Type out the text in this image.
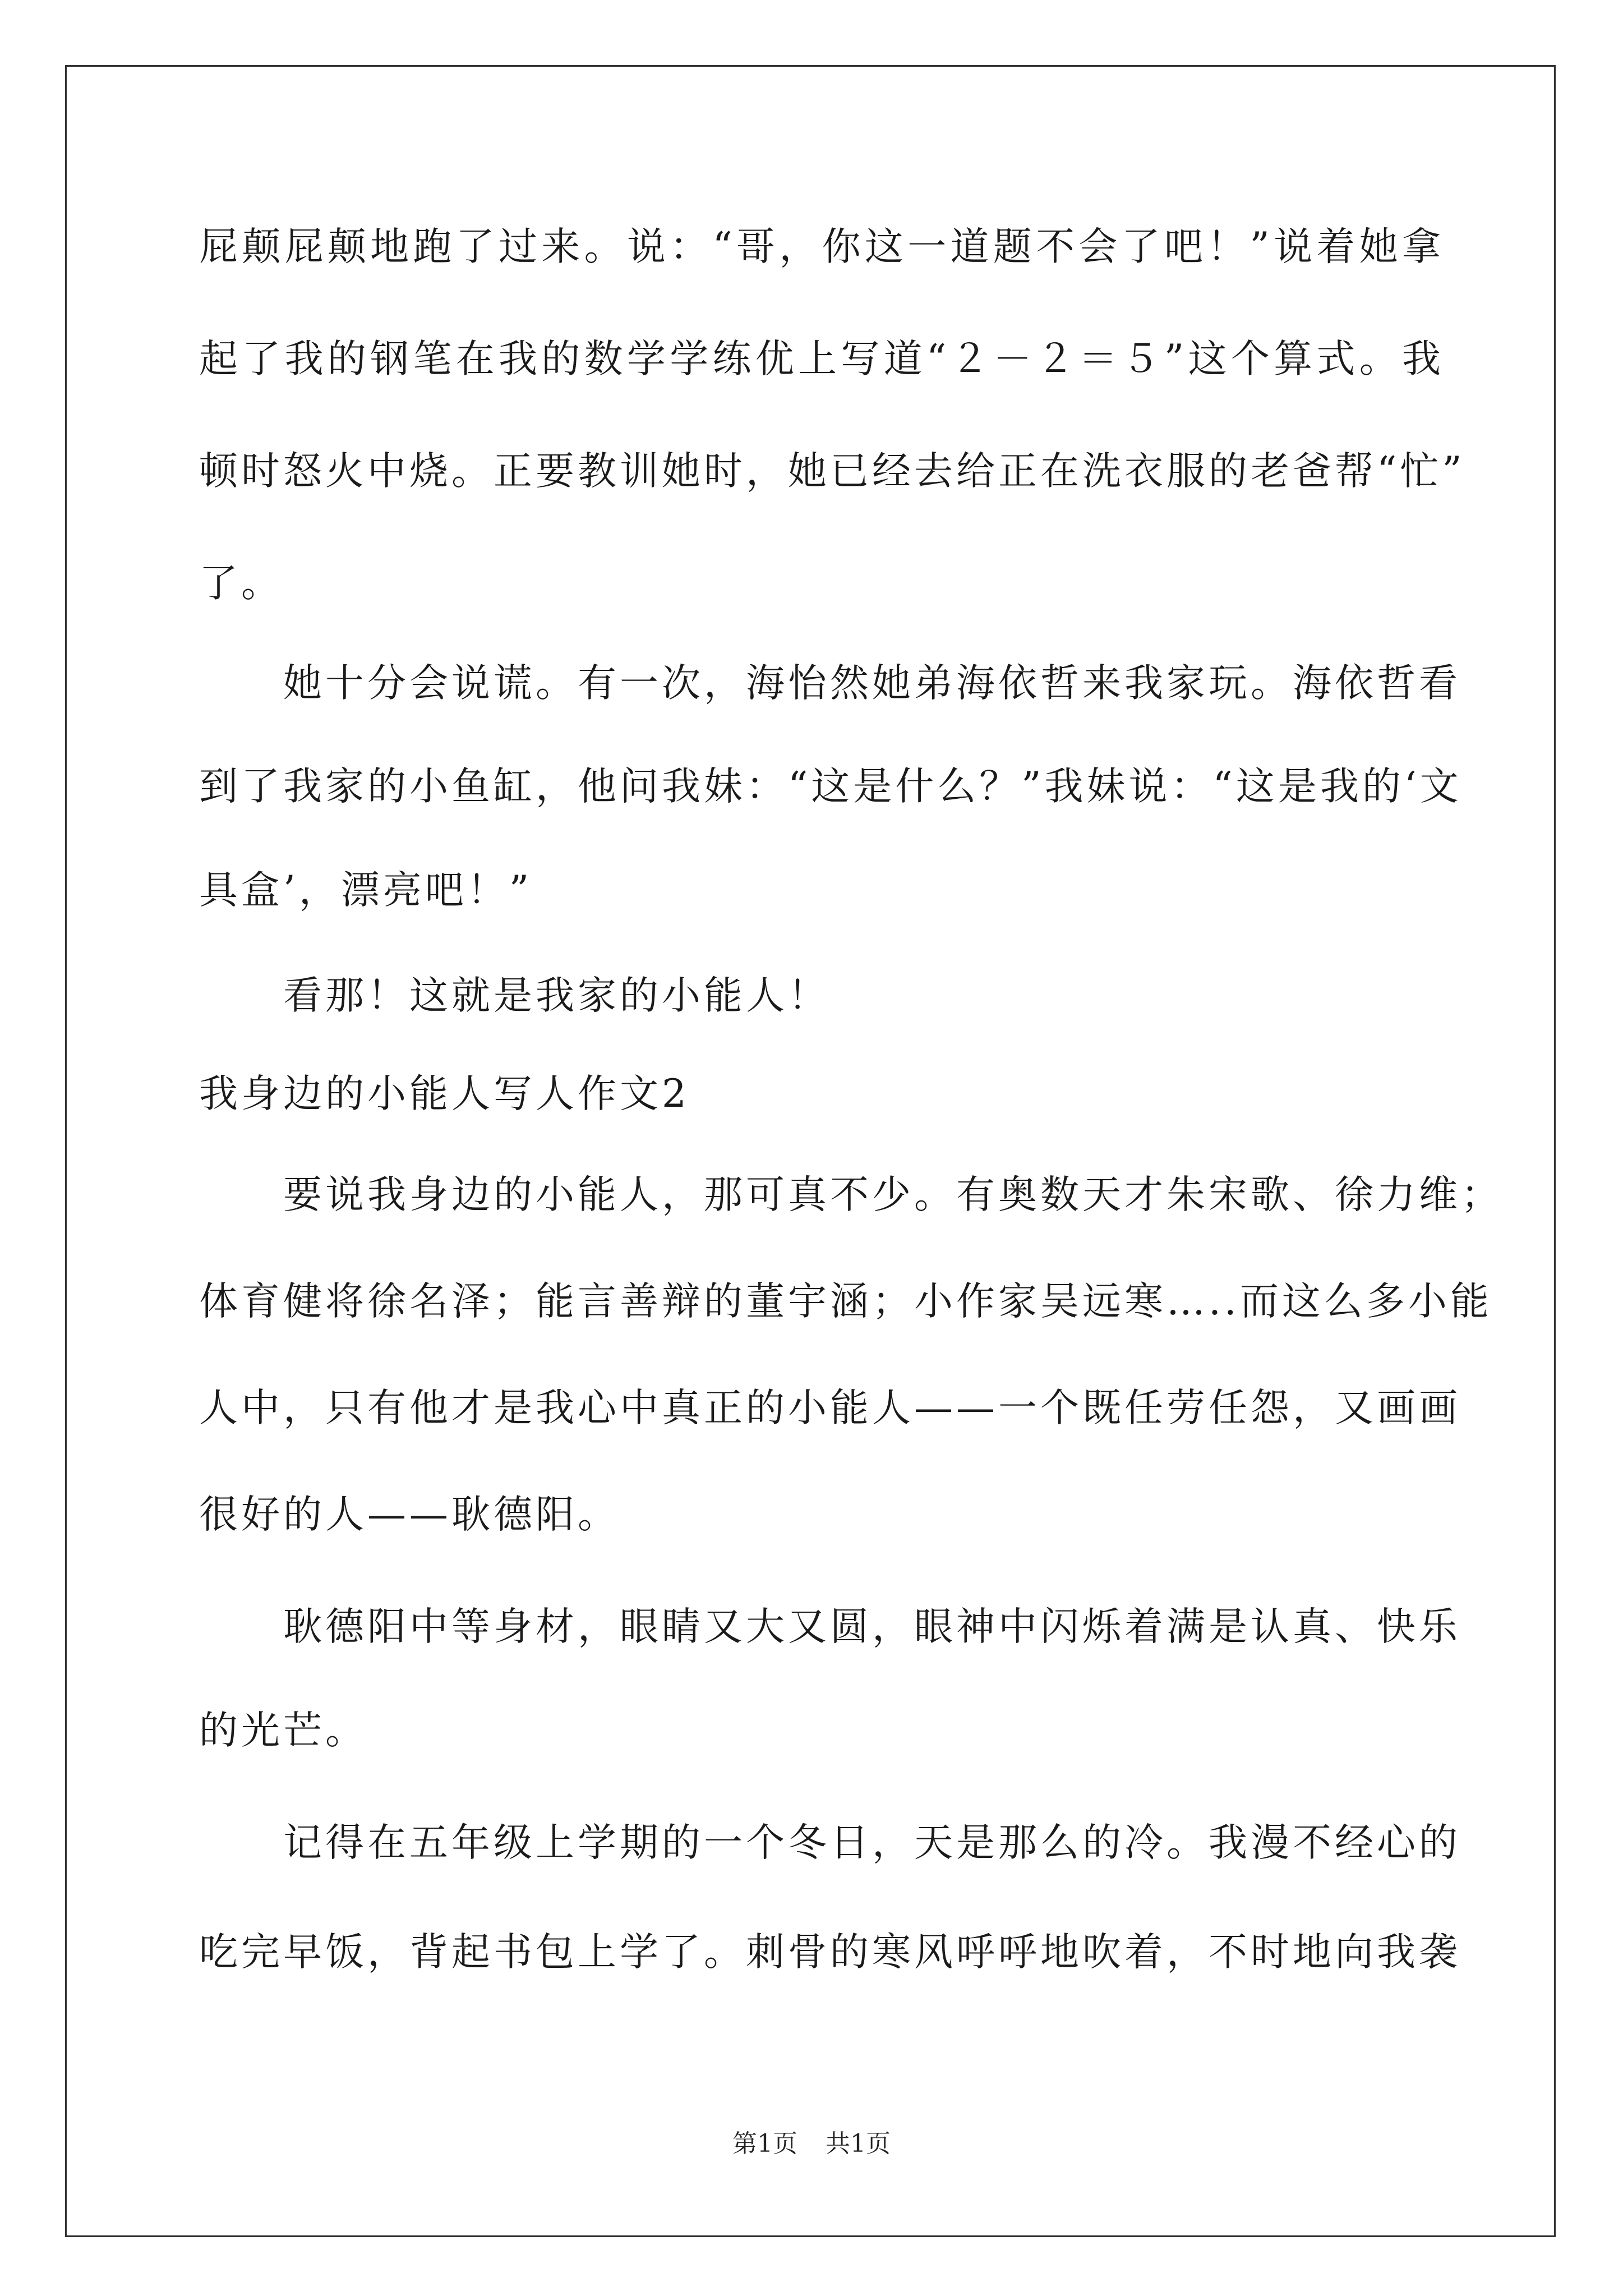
屁颠屁颠地跑了过来。说：“哥，你这一道题不会了吧！”说着她拿
起了我的钢笔在我的数学学练优上写道“２－２＝５”这个算式。我
顿时怒火中烧。正要教训她时，她已经去给正在洗衣服的老爸帮“忙”
了。
她十分会说谎。有一次，海怡然她弟海依哲来我家玩。海依哲看
到了我家的小鱼缸，他问我妹：“这是什么？”我妹说：“这是我的‘文
具盒’，漂亮吧！”
看那！这就是我家的小能人！
我身边的小能人写人作文2
要说我身边的小能人，那可真不少。有奥数天才朱宋歌、徐力维；
体育健将徐名泽；能言善辩的董宇涵；小作家吴远寒…..而这么多小能
人中，只有他才是我心中真正的小能人——一个既任劳任怨，又画画
很好的人——耿德阳。
耿德阳中等身材，眼睛又大又圆，眼神中闪烁着满是认真、快乐
的光芒。
记得在五年级上学期的一个冬日，天是那么的冷。我漫不经心的
吃完早饭，背起书包上学了。刺骨的寒风呼呼地吹着，不时地向我袭
第1页 共1页
